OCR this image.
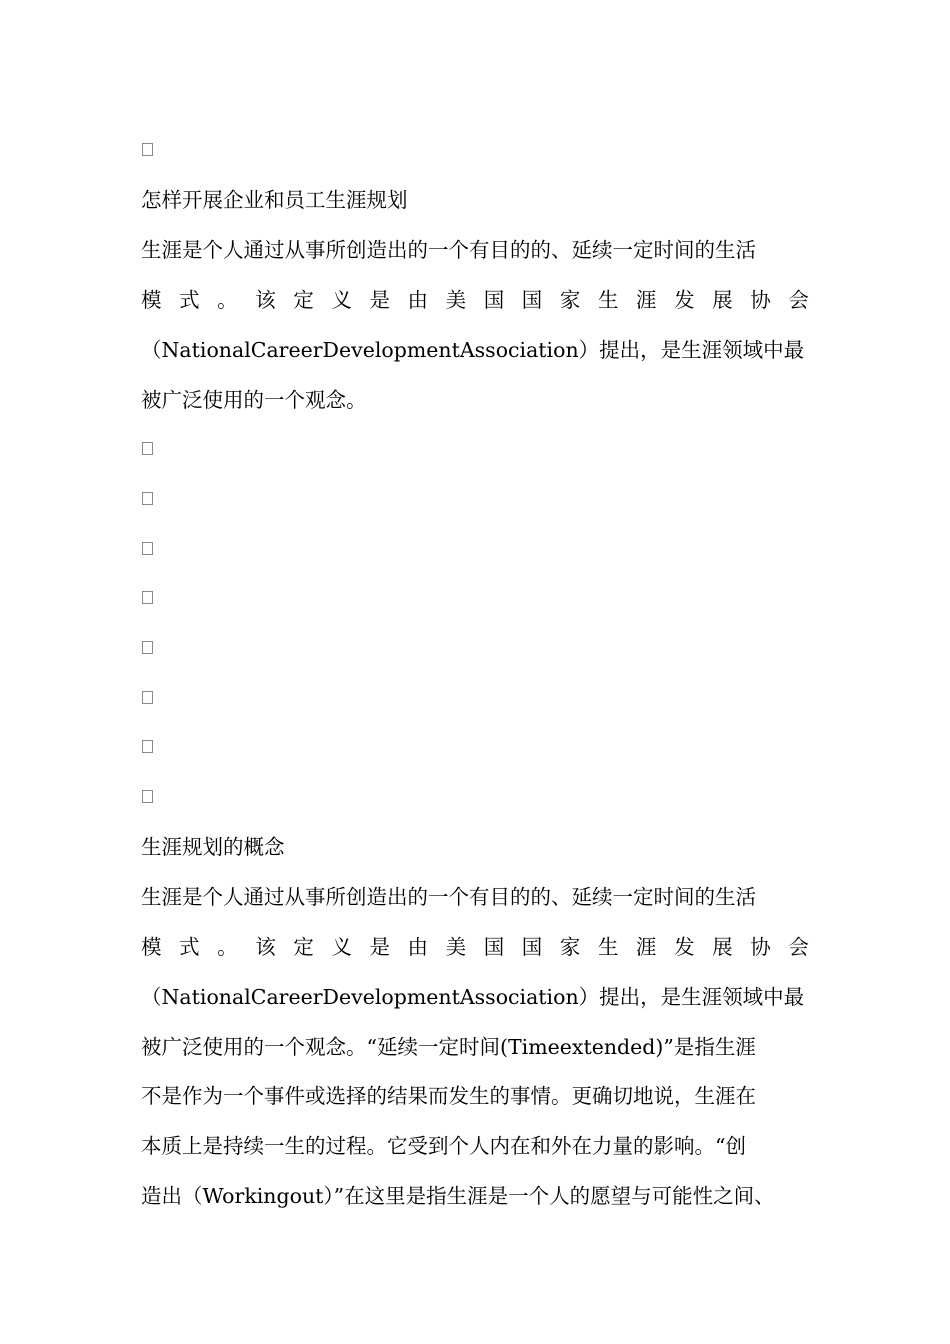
怎样开展企业和员工生涯规划
生涯是个人通过从事所创造出的一个有目的的、延续一定时间的生活
模 式 。 该 定 义 是 由 美 国 国 家 生 涯 发 展 协 会
（NationalCareerDevelopmentAssociation）提出，是生涯领域中最
被广泛使用的一个观念。
生涯规划的概念
生涯是个人通过从事所创造出的一个有目的的、延续一定时间的生活
模 式 。 该 定 义 是 由 美 国 国 家 生 涯 发 展 协 会
（NationalCareerDevelopmentAssociation）提出，是生涯领域中最
被广泛使用的一个观念。“延续一定时间(Timeextended)”是指生涯
不是作为一个事件或选择的结果而发生的事情。更确切地说，生涯在
本质上是持续一生的过程。它受到个人内在和外在力量的影响。“创
造出（Workingout）”在这里是指生涯是一个人的愿望与可能性之间、
